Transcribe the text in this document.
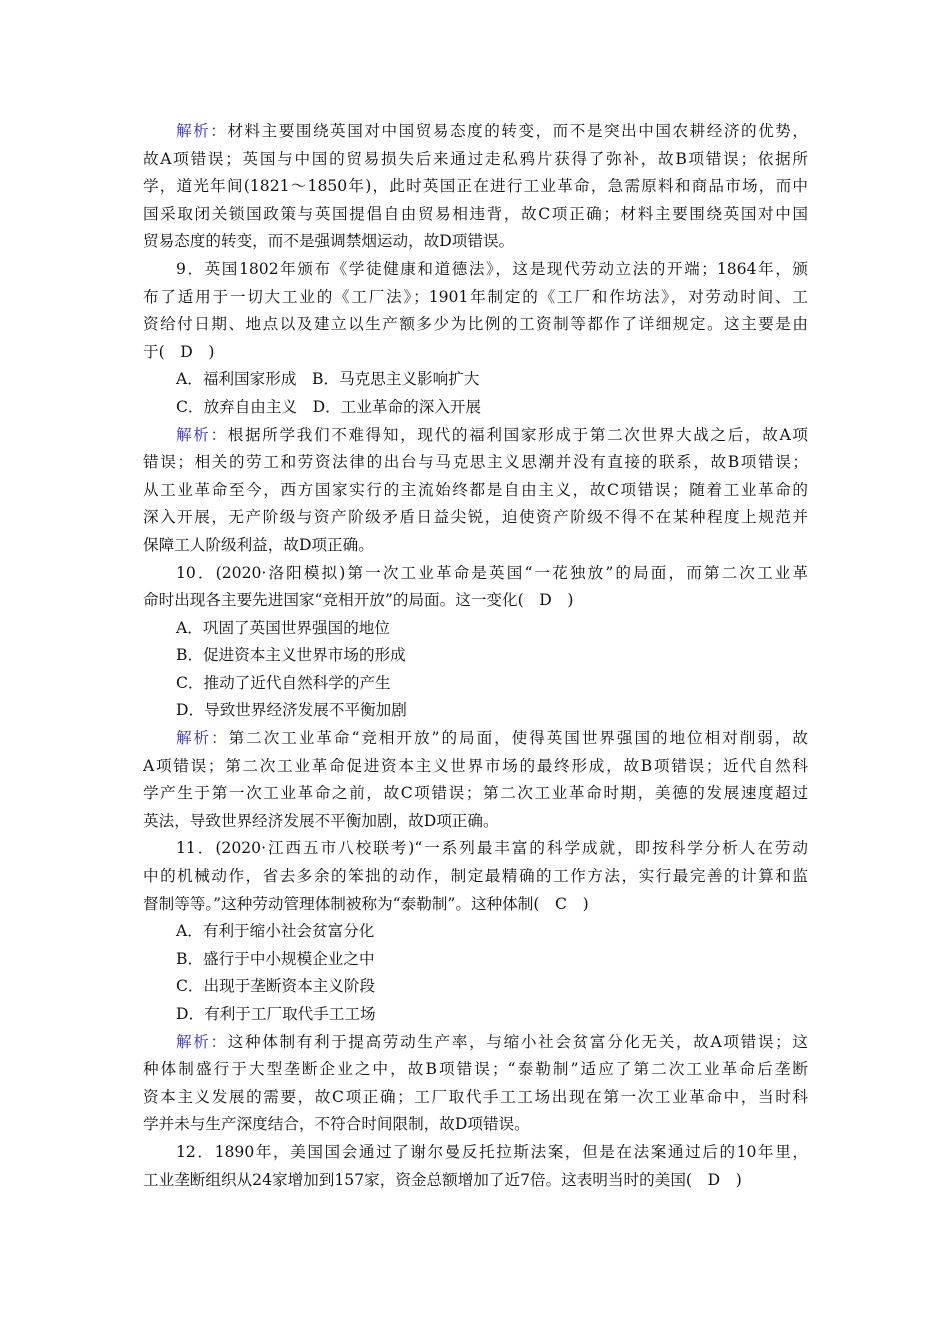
解析：材料主要围绕英国对中国贸易态度的转变，而不是突出中国农耕经济的优势，
故A项错误；英国与中国的贸易损失后来通过走私鸦片获得了弥补，故B项错误；依据所
学，道光年间(1821～1850年)，此时英国正在进行工业革命，急需原料和商品市场，而中
国采取闭关锁国政策与英国提倡自由贸易相违背，故C项正确；材料主要围绕英国对中国
贸易态度的转变，而不是强调禁烟运动，故D项错误。
9．英国1802年颁布《学徒健康和道德法》，这是现代劳动立法的开端；1864年，颁
布了适用于一切大工业的《工厂法》；1901年制定的《工厂和作坊法》，对劳动时间、工
资给付日期、地点以及建立以生产额多少为比例的工资制等都作了详细规定。这主要是由
于(　D　)
A．福利国家形成　B．马克思主义影响扩大
C．放弃自由主义　D．工业革命的深入开展
解析：根据所学我们不难得知，现代的福利国家形成于第二次世界大战之后，故A项
错误；相关的劳工和劳资法律的出台与马克思主义思潮并没有直接的联系，故B项错误；
从工业革命至今，西方国家实行的主流始终都是自由主义，故C项错误；随着工业革命的
深入开展，无产阶级与资产阶级矛盾日益尖锐，迫使资产阶级不得不在某种程度上规范并
保障工人阶级利益，故D项正确。
10．(2020·洛阳模拟)第一次工业革命是英国“一花独放”的局面，而第二次工业革
命时出现各主要先进国家“竞相开放”的局面。这一变化(　D　)
A．巩固了英国世界强国的地位
B．促进资本主义世界市场的形成
C．推动了近代自然科学的产生
D．导致世界经济发展不平衡加剧
解析：第二次工业革命“竞相开放”的局面，使得英国世界强国的地位相对削弱，故
A项错误；第二次工业革命促进资本主义世界市场的最终形成，故B项错误；近代自然科
学产生于第一次工业革命之前，故C项错误；第二次工业革命时期，美德的发展速度超过
英法，导致世界经济发展不平衡加剧，故D项正确。
11．(2020·江西五市八校联考)“一系列最丰富的科学成就，即按科学分析人在劳动
中的机械动作，省去多余的笨拙的动作，制定最精确的工作方法，实行最完善的计算和监
督制等等。”这种劳动管理体制被称为“泰勒制”。这种体制(　C　)
A．有利于缩小社会贫富分化
B．盛行于中小规模企业之中
C．出现于垄断资本主义阶段
D．有利于工厂取代手工工场
解析：这种体制有利于提高劳动生产率，与缩小社会贫富分化无关，故A项错误；这
种体制盛行于大型垄断企业之中，故B项错误；“泰勒制”适应了第二次工业革命后垄断
资本主义发展的需要，故C项正确；工厂取代手工工场出现在第一次工业革命中，当时科
学并未与生产深度结合，不符合时间限制，故D项错误。
12．1890年，美国国会通过了谢尔曼反托拉斯法案，但是在法案通过后的10年里，
工业垄断组织从24家增加到157家，资金总额增加了近7倍。这表明当时的美国(　D　)
